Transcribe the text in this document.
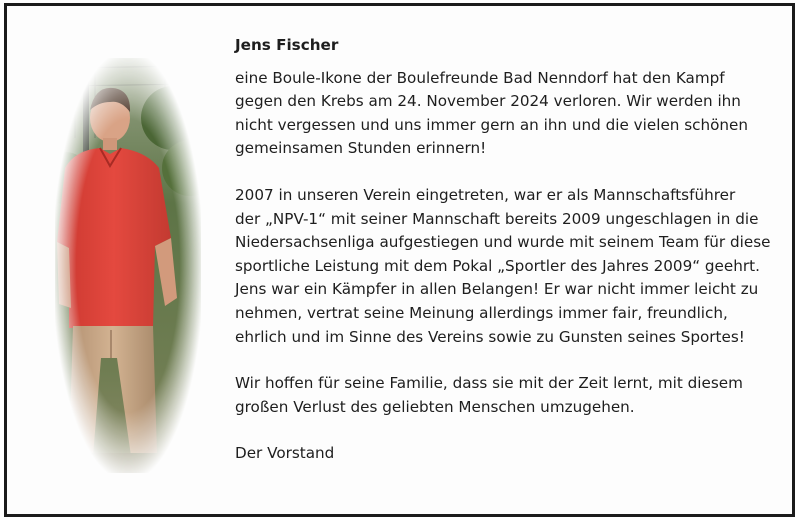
Jens Fischer

eine Boule-Ikone der Boulefreunde Bad Nenndorf hat den Kampf
gegen den Krebs am 24. November 2024 verloren. Wir werden ihn
nicht vergessen und uns immer gern an ihn und die vielen schönen
gemeinsamen Stunden erinnern!

2007 in unseren Verein eingetreten, war er als Mannschaftsführer
der „NPV-1“ mit seiner Mannschaft bereits 2009 ungeschlagen in die
Niedersachsenliga aufgestiegen und wurde mit seinem Team für diese
sportliche Leistung mit dem Pokal „Sportler des Jahres 2009“ geehrt.
Jens war ein Kämpfer in allen Belangen! Er war nicht immer leicht zu
nehmen, vertrat seine Meinung allerdings immer fair, freundlich,
ehrlich und im Sinne des Vereins sowie zu Gunsten seines Sportes!

Wir hoffen für seine Familie, dass sie mit der Zeit lernt, mit diesem
großen Verlust des geliebten Menschen umzugehen.

Der Vorstand
